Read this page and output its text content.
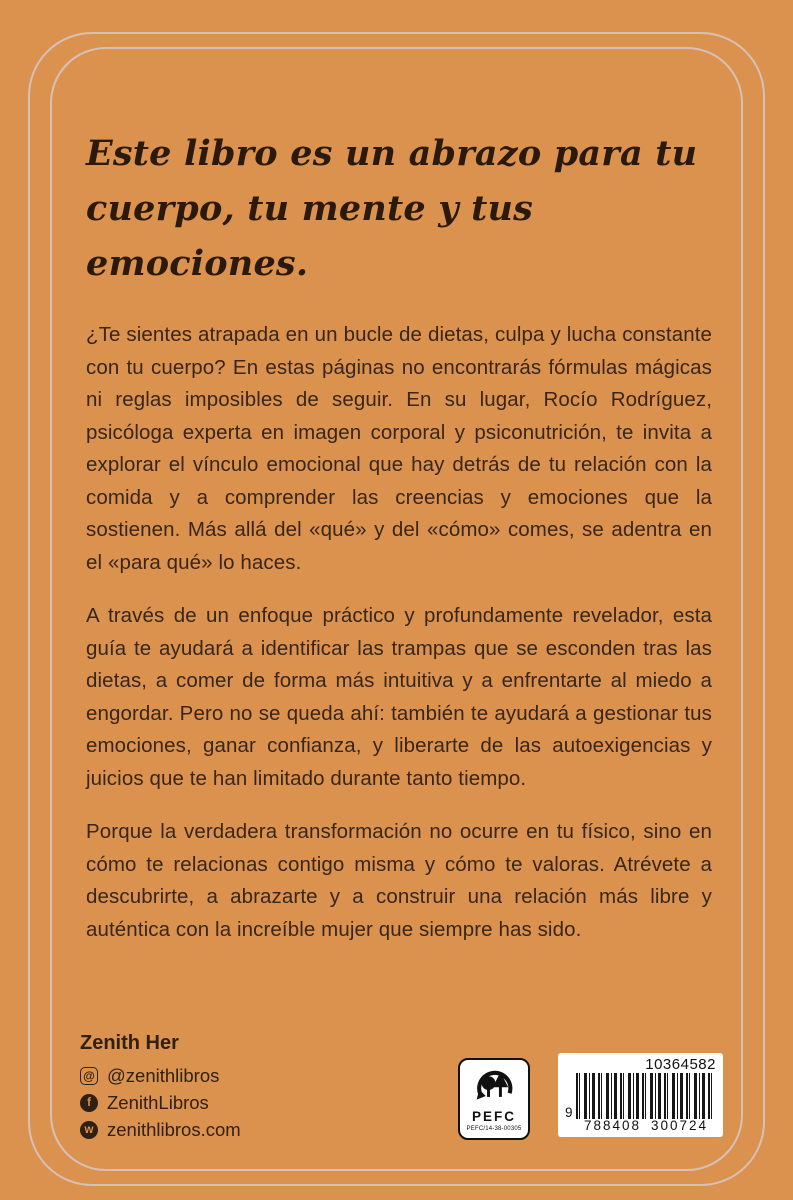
Este libro es un abrazo para tu
cuerpo, tu mente y tus emociones.

¿Te sientes atrapada en un bucle de dietas, culpa y lucha constante con tu cuerpo? En estas páginas no encontrarás fórmulas mágicas ni reglas imposibles de seguir. En su lugar, Rocío Rodríguez, psicóloga experta en imagen corporal y psiconutrición, te invita a explorar el vínculo emocional que hay detrás de tu relación con la comida y a comprender las creencias y emociones que la sostienen. Más allá del «qué» y del «cómo» comes, se adentra en el «para qué» lo haces.

A través de un enfoque práctico y profundamente revelador, esta guía te ayudará a identificar las trampas que se esconden tras las dietas, a comer de forma más intuitiva y a enfrentarte al miedo a engordar. Pero no se queda ahí: también te ayudará a gestionar tus emociones, ganar confianza, y liberarte de las autoexigencias y juicios que te han limitado durante tanto tiempo.

Porque la verdadera transformación no ocurre en tu físico, sino en cómo te relacionas contigo misma y cómo te valoras. Atrévete a descubrirte, a abrazarte y a construir una relación más libre y auténtica con la increíble mujer que siempre has sido.

Zenith Her
@ @zenithlibros
f ZenithLibros
w zenithlibros.com
PEFC
PEFC/14-38-00305
10364582
9
788408 300724
